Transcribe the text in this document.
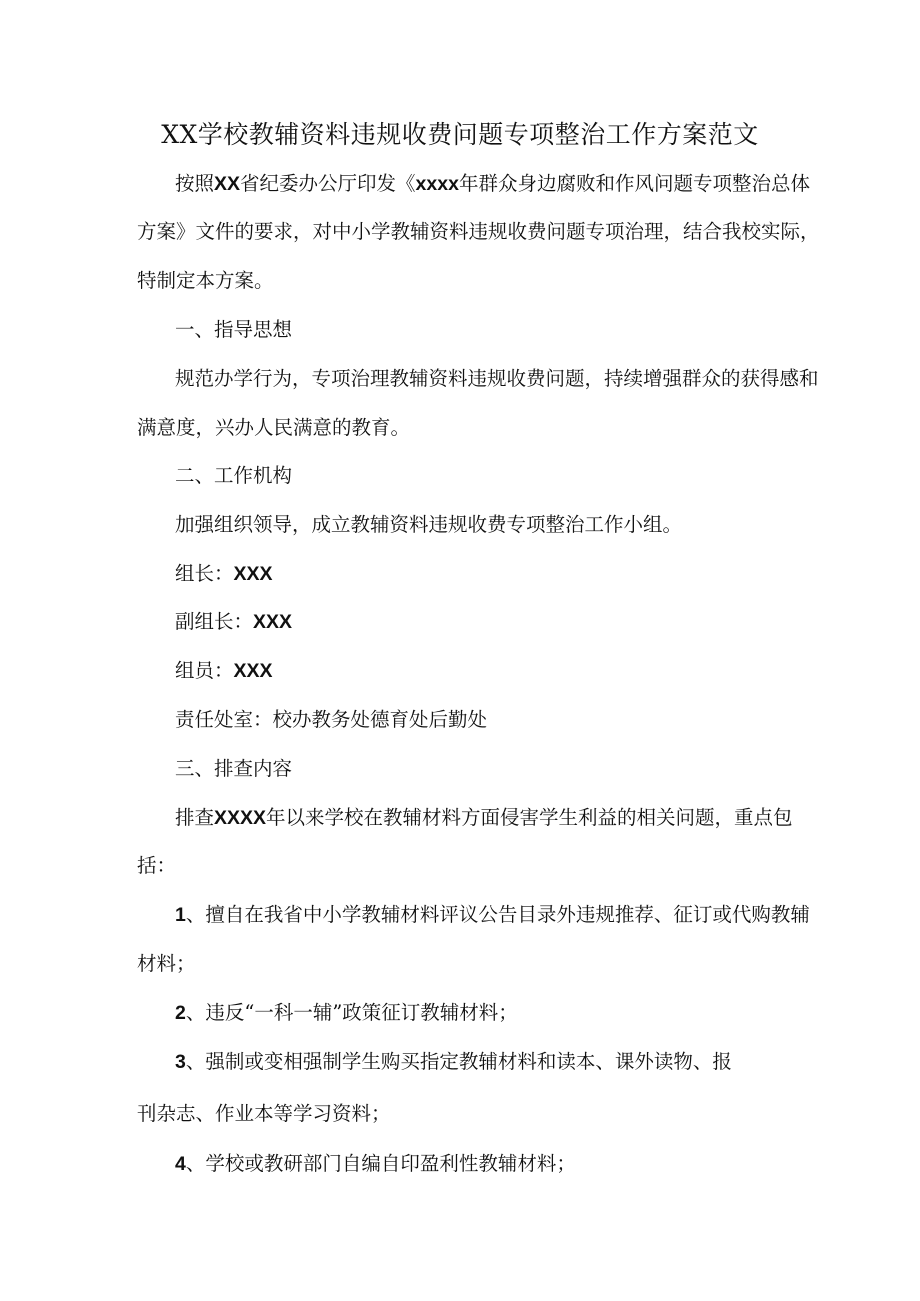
XX学校教辅资料违规收费问题专项整治工作方案范文
按照XX省纪委办公厅印发《xxxx年群众身边腐败和作风问题专项整治总体
方案》文件的要求，对中小学教辅资料违规收费问题专项治理，结合我校实际，
特制定本方案。
一、指导思想
规范办学行为，专项治理教辅资料违规收费问题，持续增强群众的获得感和
满意度，兴办人民满意的教育。
二、工作机构
加强组织领导，成立教辅资料违规收费专项整治工作小组。
组长：XXX
副组长：XXX
组员：XXX
责任处室：校办教务处德育处后勤处
三、排查内容
排查XXXX年以来学校在教辅材料方面侵害学生利益的相关问题，重点包
括：
1、擅自在我省中小学教辅材料评议公告目录外违规推荐、征订或代购教辅
材料；
2、违反“一科一辅”政策征订教辅材料；
3、强制或变相强制学生购买指定教辅材料和读本、课外读物、报
刊杂志、作业本等学习资料；
4、学校或教研部门自编自印盈利性教辅材料；
